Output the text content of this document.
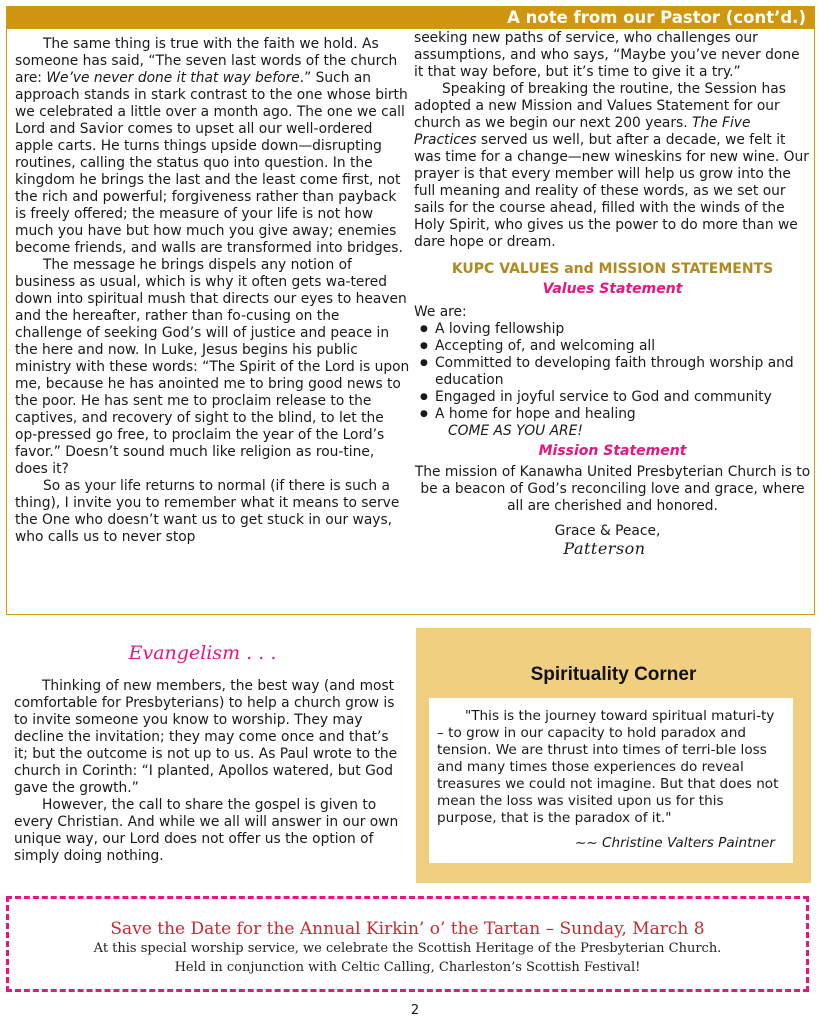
A note from our Pastor (cont’d.)

The same thing is true with the faith we hold. As someone has said, “The seven last words of the church are: We’ve never done it that way before.” Such an approach stands in stark contrast to the one whose birth we celebrated a little over a month ago. The one we call Lord and Savior comes to upset all our well-ordered apple carts. He turns things upside down—disrupting routines, calling the status quo into question. In the kingdom he brings the last and the least come first, not the rich and powerful; forgiveness rather than payback is freely offered; the measure of your life is not how much you have but how much you give away; enemies become friends, and walls are transformed into bridges.

The message he brings dispels any notion of business as usual, which is why it often gets wa-tered down into spiritual mush that directs our eyes to heaven and the hereafter, rather than fo-cusing on the challenge of seeking God’s will of justice and peace in the here and now. In Luke, Jesus begins his public ministry with these words: “The Spirit of the Lord is upon me, because he has anointed me to bring good news to the poor. He has sent me to proclaim release to the captives, and recovery of sight to the blind, to let the op-pressed go free, to proclaim the year of the Lord’s favor.” Doesn’t sound much like religion as rou-tine, does it?

So as your life returns to normal (if there is such a thing), I invite you to remember what it means to serve the One who doesn’t want us to get stuck in our ways, who calls us to never stop

seeking new paths of service, who challenges our assumptions, and who says, “Maybe you’ve never done it that way before, but it’s time to give it a try.”

Speaking of breaking the routine, the Session has adopted a new Mission and Values Statement for our church as we begin our next 200 years. The Five Practices served us well, but after a decade, we felt it was time for a change—new wineskins for new wine. Our prayer is that every member will help us grow into the full meaning and reality of these words, as we set our sails for the course ahead, filled with the winds of the Holy Spirit, who gives us the power to do more than we dare hope or dream.

KUPC VALUES and MISSION STATEMENTS

Values Statement

We are:

● A loving fellowship
● Accepting of, and welcoming all
● Committed to developing faith through worship and education
● Engaged in joyful service to God and community
● A home for hope and healing

COME AS YOU ARE!

Mission Statement

The mission of Kanawha United Presbyterian Church is to be a beacon of God’s reconciling love and grace, where all are cherished and honored.

Grace & Peace,

Patterson

Evangelism . . .

Thinking of new members, the best way (and most comfortable for Presbyterians) to help a church grow is to invite someone you know to worship. They may decline the invitation; they may come once and that’s it; but the outcome is not up to us. As Paul wrote to the church in Corinth: “I planted, Apollos watered, but God gave the growth.”

However, the call to share the gospel is given to every Christian. And while we all will answer in our own unique way, our Lord does not offer us the option of simply doing nothing.

Spirituality Corner

"This is the journey toward spiritual maturi-ty – to grow in our capacity to hold paradox and tension. We are thrust into times of terri-ble loss and many times those experiences do reveal treasures we could not imagine. But that does not mean the loss was visited upon us for this purpose, that is the paradox of it."

~~ Christine Valters Paintner

Save the Date for the Annual Kirkin’ o’ the Tartan – Sunday, March 8
At this special worship service, we celebrate the Scottish Heritage of the Presbyterian Church.
Held in conjunction with Celtic Calling, Charleston’s Scottish Festival!
2
